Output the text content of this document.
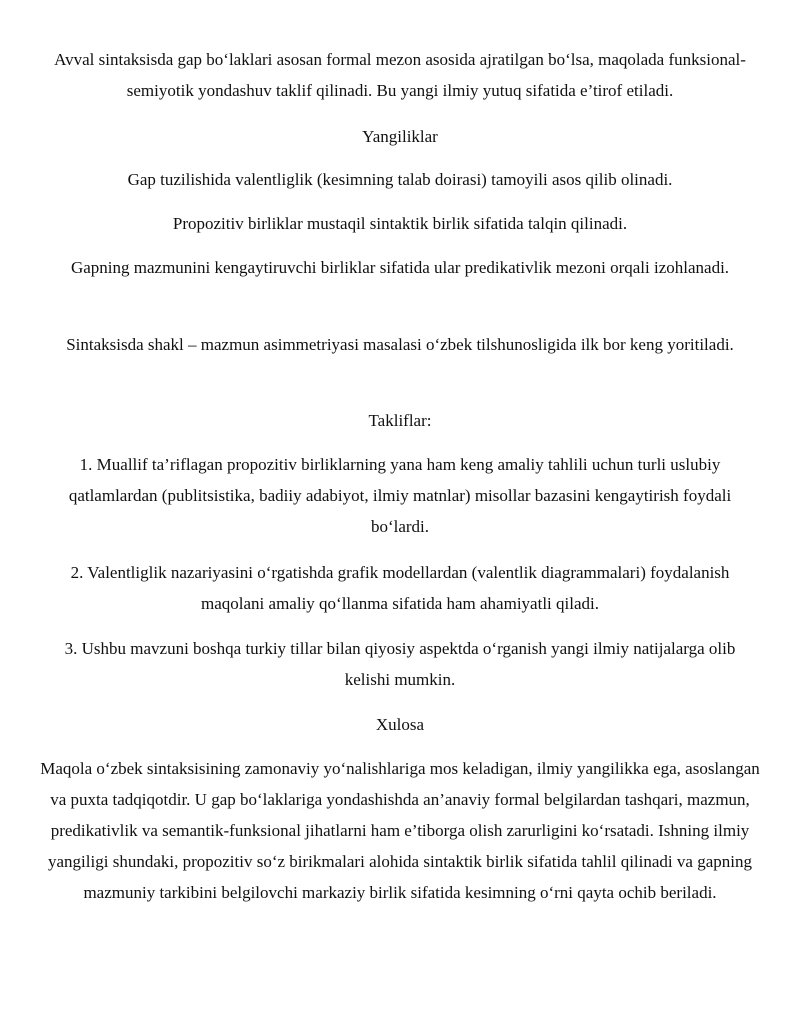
Avval sintaksisda gap bo‘laklari asosan formal mezon asosida ajratilgan bo‘lsa, maqolada funksional-semiyotik yondashuv taklif qilinadi. Bu yangi ilmiy yutuq sifatida e’tirof etiladi.

Yangiliklar

Gap tuzilishida valentliglik (kesimning talab doirasi) tamoyili asos qilib olinadi.

Propozitiv birliklar mustaqil sintaktik birlik sifatida talqin qilinadi.

Gapning mazmunini kengaytiruvchi birliklar sifatida ular predikativlik mezoni orqali izohlanadi.

Sintaksisda shakl – mazmun asimmetriyasi masalasi o‘zbek tilshunosligida ilk bor keng yoritiladi.

Takliflar:

1. Muallif ta’riflagan propozitiv birliklarning yana ham keng amaliy tahlili uchun turli uslubiy qatlamlardan (publitsistika, badiiy adabiyot, ilmiy matnlar) misollar bazasini kengaytirish foydali bo‘lardi.

2. Valentliglik nazariyasini o‘rgatishda grafik modellardan (valentlik diagrammalari) foydalanish maqolani amaliy qo‘llanma sifatida ham ahamiyatli qiladi.

3. Ushbu mavzuni boshqa turkiy tillar bilan qiyosiy aspektda o‘rganish yangi ilmiy natijalarga olib kelishi mumkin.

Xulosa

Maqola o‘zbek sintaksisining zamonaviy yo‘nalishlariga mos keladigan, ilmiy yangilikka ega, asoslangan va puxta tadqiqotdir. U gap bo‘laklariga yondashishda an’anaviy formal belgilardan tashqari, mazmun, predikativlik va semantik-funksional jihatlarni ham e’tiborga olish zarurligini ko‘rsatadi. Ishning ilmiy yangiligi shundaki, propozitiv so‘z birikmalari alohida sintaktik birlik sifatida tahlil qilinadi va gapning mazmuniy tarkibini belgilovchi markaziy birlik sifatida kesimning o‘rni qayta ochib beriladi.
